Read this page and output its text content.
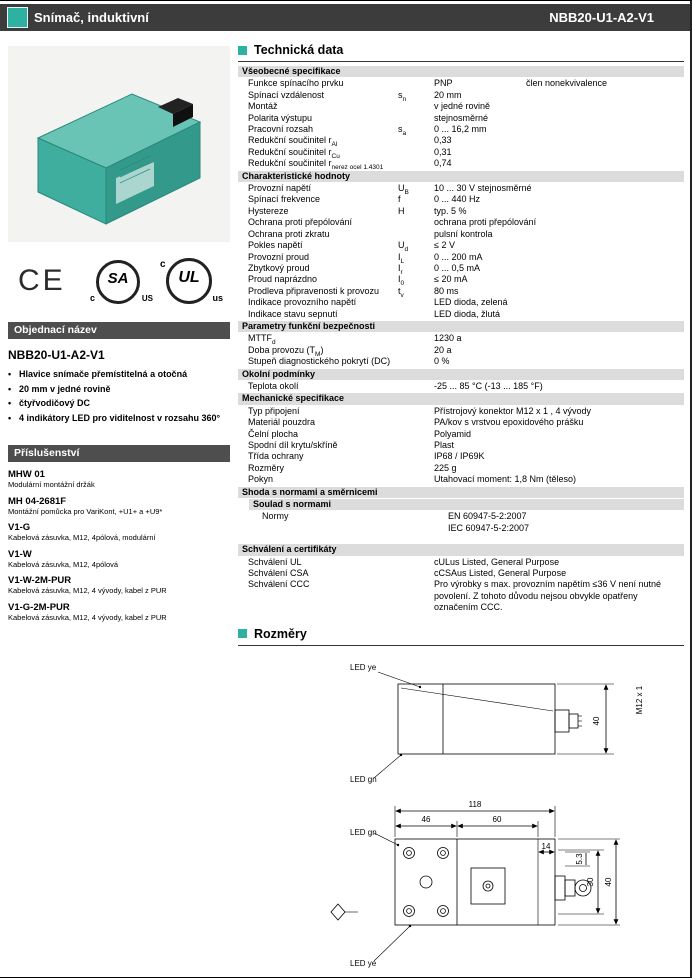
Snímač, induktivní	NBB20-U1-A2-V1
CE	SA
c	US
UL
c
us
Objednací název
NBB20-U1-A2-V1
• Hlavice snímače přemístitelná a otočná
• 20 mm v jedné rovině
• čtyřvodičový DC
• 4 indikátory LED pro viditelnost v rozsahu 360°
Příslušenství
MHW 01
Modulární montážní držák
MH 04-2681F
Montážní pomůcka pro VariKont, +U1+ a +U9*
V1-G
Kabelová zásuvka, M12, 4pólová, modulární
V1-W
Kabelová zásuvka, M12, 4pólová
V1-W-2M-PUR
Kabelová zásuvka, M12, 4 vývody, kabel z PUR
V1-G-2M-PUR
Kabelová zásuvka, M12, 4 vývody, kabel z PUR
Technická data
Všeobecné specifikace
Funkce spínacího prvku	PNP	člen nonekvivalence
Spínací vzdálenost	$s_n$	20 mm
Montáž	v jedné rovině
Polarita výstupu	stejnosměrné
Pracovní rozsah	$s_a$	0 ... 16,2 mm
Redukční součinitel $r_{Al}$	0,33
Redukční součinitel $r_{Cu}$	0,31
Redukční součinitel $r_{nerez ocel 1.4301}$	0,74
Charakteristické hodnoty
Provozní napětí	$U_B$	10 ... 30 V stejnosměrné
Spínací frekvence	f	0 ... 440 Hz
Hystereze	H	typ. 5 %
Ochrana proti přepólování	ochrana proti přepólování
Ochrana proti zkratu	pulsní kontrola
Pokles napětí	$U_d$	≤ 2 V
Provozní proud	$I_L$	0 ... 200 mA
Zbytkový proud	$I_r$	0 ... 0,5 mA
Proud naprázdno	$I_0$	≤ 20 mA
Prodleva připravenosti k provozu	$t_v$	80 ms
Indikace provozního napětí	LED dioda, zelená
Indikace stavu sepnutí	LED dioda, žlutá
Parametry funkční bezpečnosti
$MTTF_d$	1230 a
Doba provozu $(T_M)$	20 a
Stupeň diagnostického pokrytí (DC)	0 %
Okolní podmínky
Teplota okolí	-25 ... 85 °C (-13 ... 185 °F)
Mechanické specifikace
Typ připojení	Přístrojový konektor M12 x 1 , 4 vývody
Materiál pouzdra	PA/kov s vrstvou epoxidového prášku
Čelní plocha	Polyamid
Spodní díl krytu/skříně	Plast
Třída ochrany	IP68 / IP69K
Rozměry	225 g
Pokyn	Utahovací moment: 1,8 Nm (těleso)
Shoda s normami a směrnicemi
Soulad s normami
Normy	EN 60947-5-2:2007
IEC 60947-5-2:2007
Schválení a certifikáty
Schválení UL	cULus Listed, General Purpose
Schválení CSA	cCSAus Listed, General Purpose
Schválení CCC	Pro výrobky s max. provozním napětím ≤36 V není nutné povolení. Z tohoto důvodu nejsou obvykle opatřeny označením CCC.
Rozměry
LED ye
40
M12 x 1
LED gn
118
46	60
LED gn
14
5.3
30 40
LED ye
